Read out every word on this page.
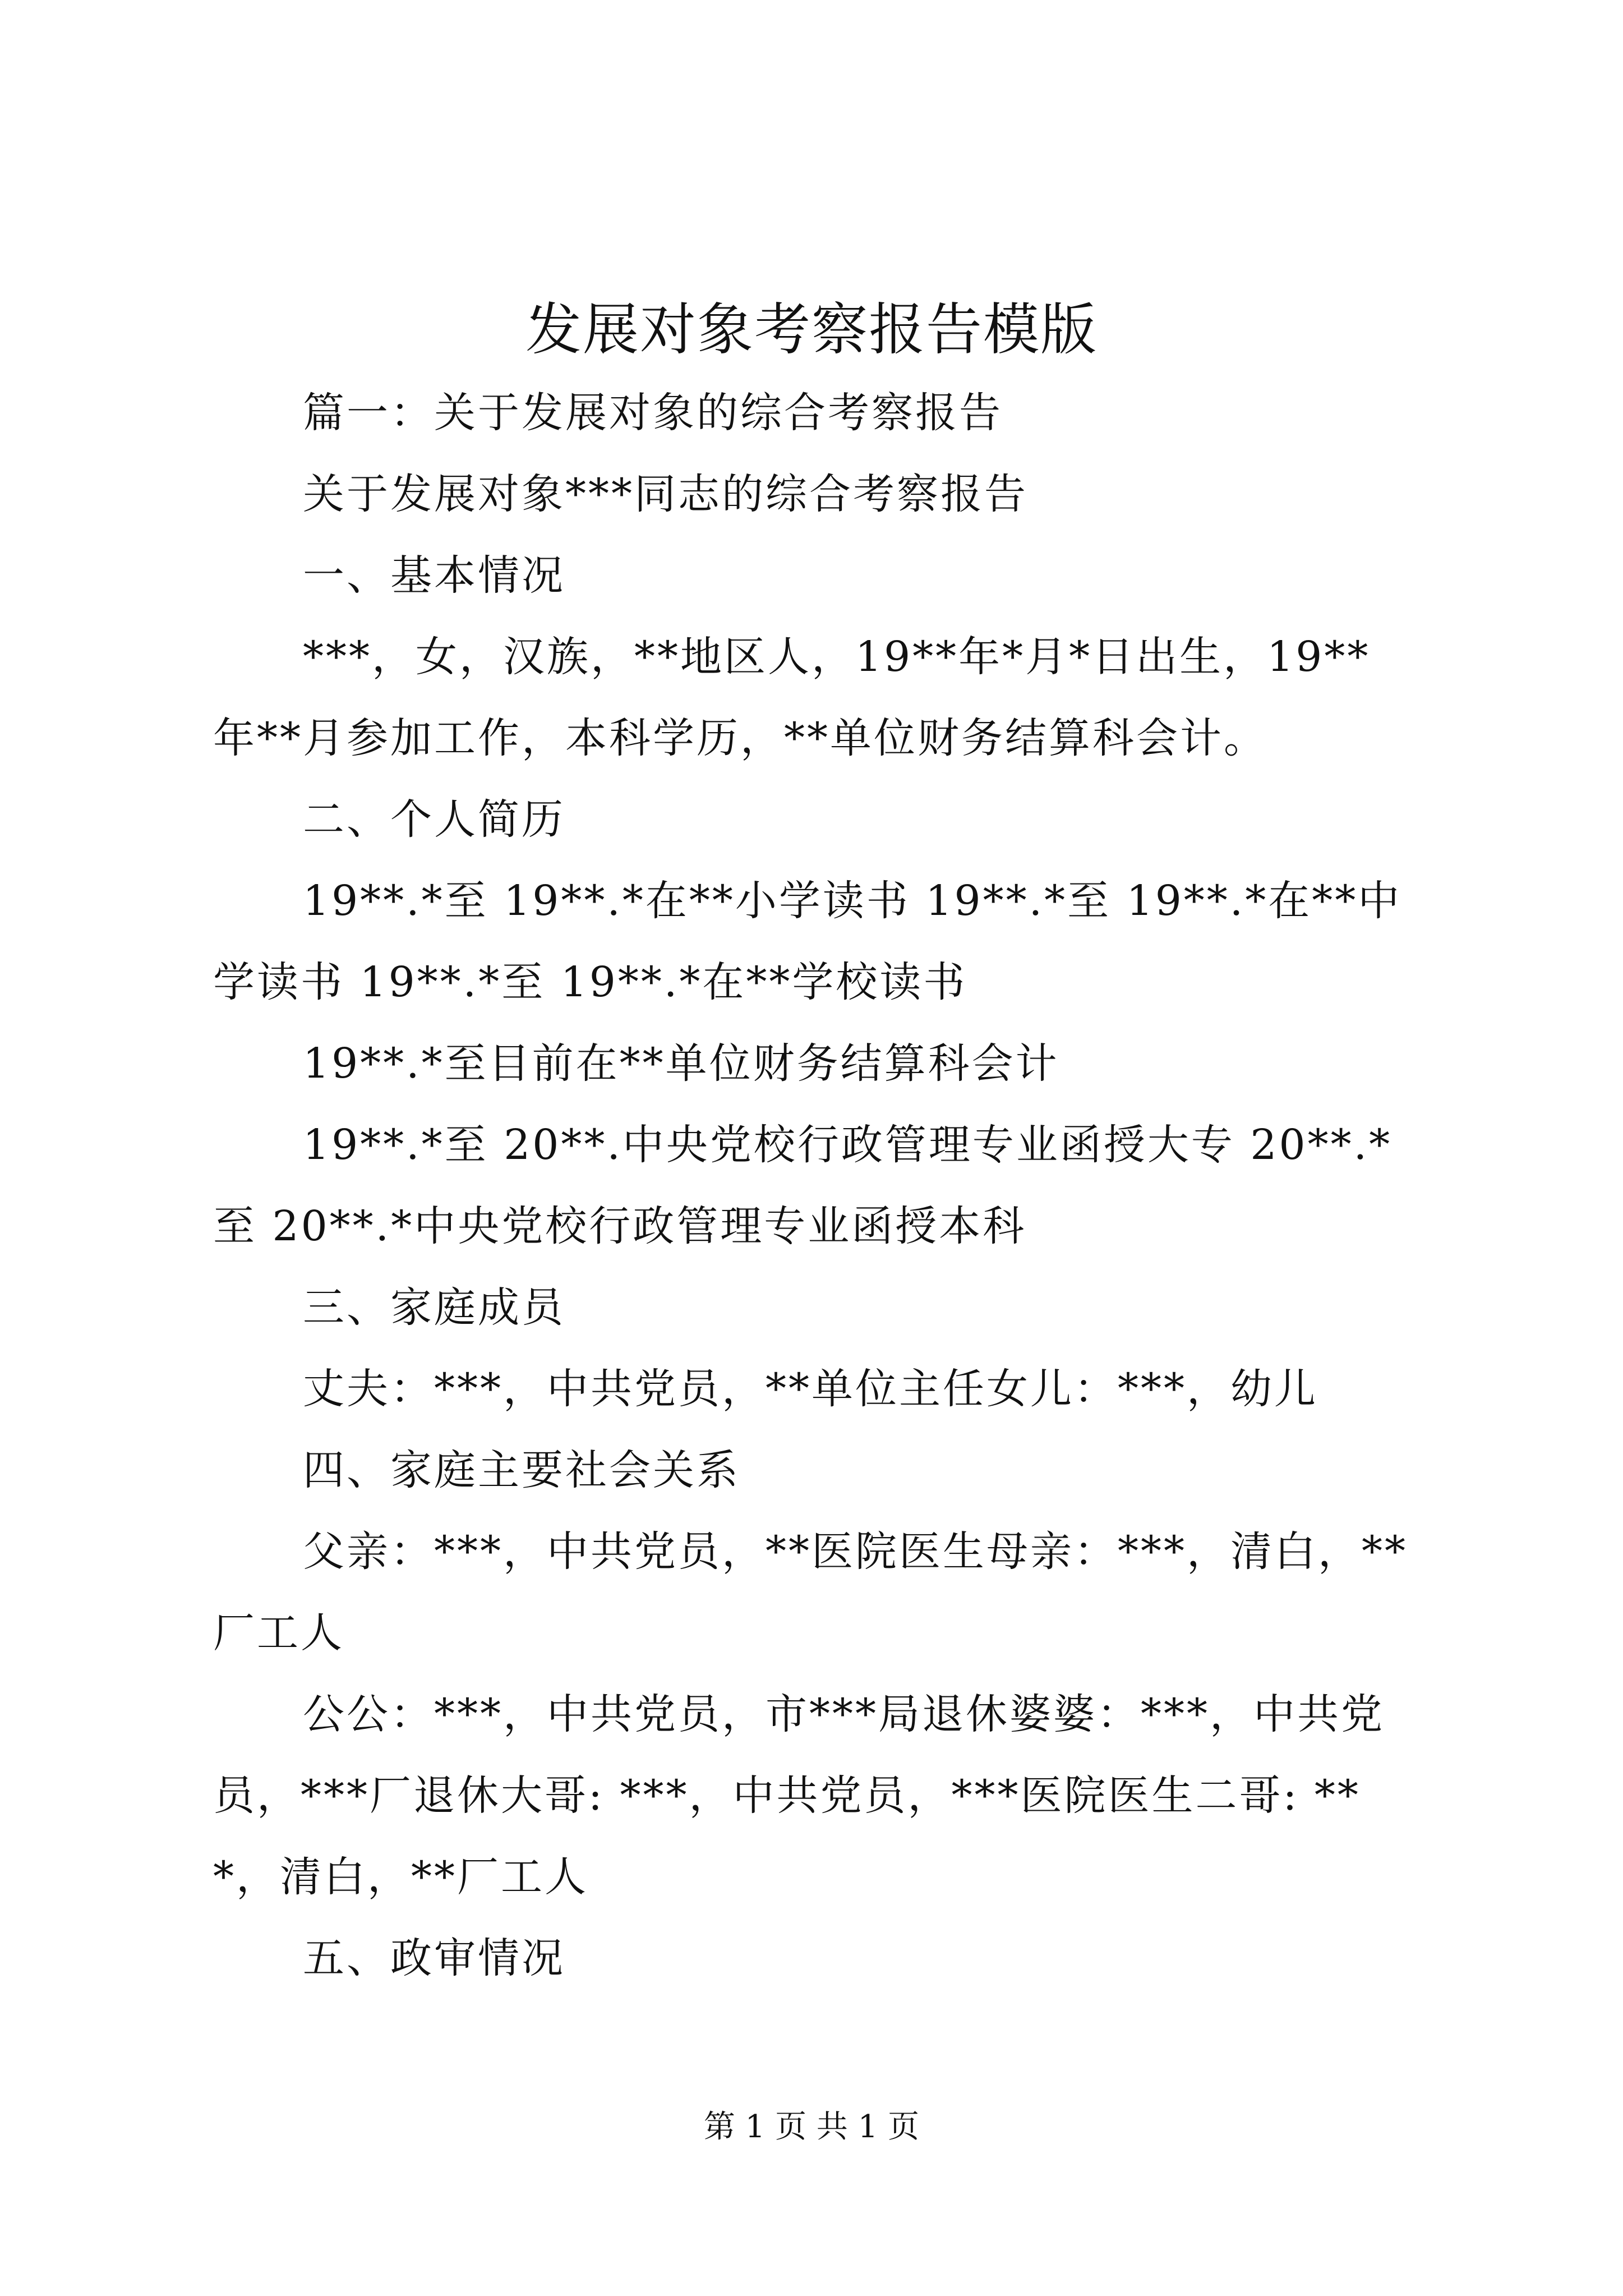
发展对象考察报告模版

篇一：关于发展对象的综合考察报告

关于发展对象***同志的综合考察报告

一、基本情况

***，女，汉族，**地区人，19**年*月*日出生，19**年**月参加工作，本科学历，**单位财务结算科会计。

二、个人简历

19**.*至 19**.*在**小学读书 19**.*至 19**.*在**中学读书 19**.*至 19**.*在**学校读书

19**.*至目前在**单位财务结算科会计

19**.*至 20**.中央党校行政管理专业函授大专 20**.*至 20**.*中央党校行政管理专业函授本科

三、家庭成员

丈夫：***，中共党员，**单位主任女儿：***，幼儿

四、家庭主要社会关系

父亲：***，中共党员，**医院医生母亲：***，清白，**厂工人

公公：***，中共党员，市***局退休婆婆：***，中共党员，***厂退休大哥: ***，中共党员，***医院医生二哥: ***，清白，**厂工人

五、政审情况

第 1 页 共 1 页
